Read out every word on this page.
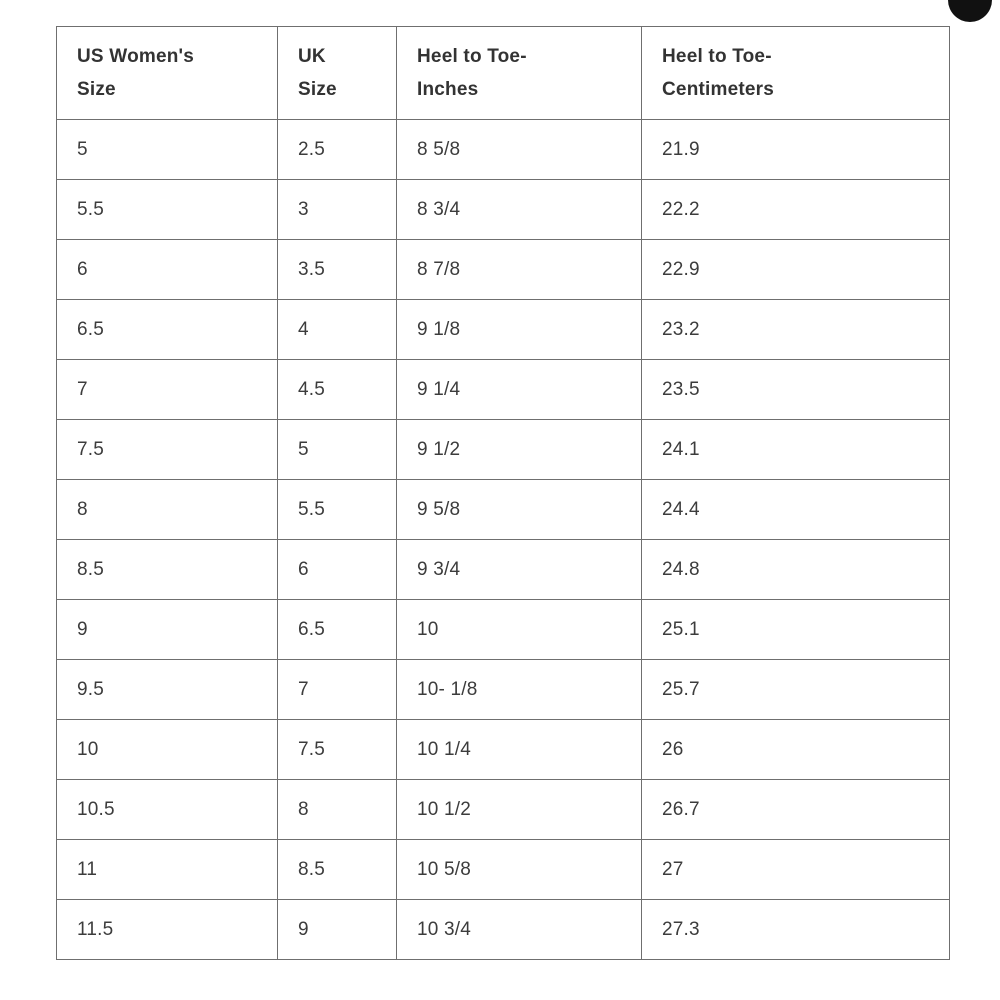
US Women's
Size	UK
Size	Heel to Toe-
Inches	Heel to Toe-
Centimeters
5	2.5	8 5/8	21.9
5.5	3	8 3/4	22.2
6	3.5	8 7/8	22.9
6.5	4	9 1/8	23.2
7	4.5	9 1/4	23.5
7.5	5	9 1/2	24.1
8	5.5	9 5/8	24.4
8.5	6	9 3/4	24.8
9	6.5	10	25.1
9.5	7	10- 1/8	25.7
10	7.5	10 1/4	26
10.5	8	10 1/2	26.7
11	8.5	10 5/8	27
11.5	9	10 3/4	27.3
